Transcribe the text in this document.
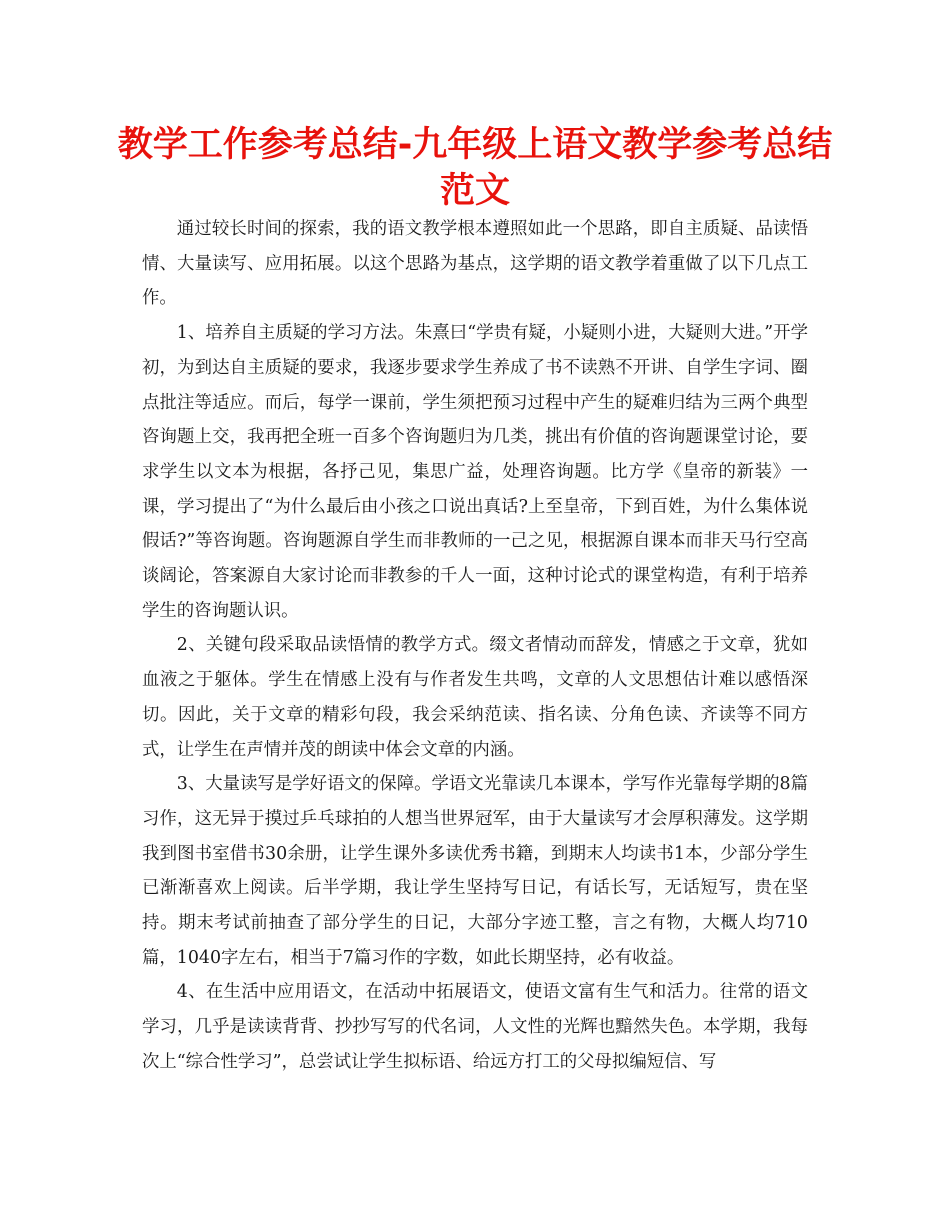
教学工作参考总结-九年级上语文教学参考总结范文

通过较长时间的探索，我的语文教学根本遵照如此一个思路，即自主质疑、品读悟情、大量读写、应用拓展。以这个思路为基点，这学期的语文教学着重做了以下几点工作。

1、培养自主质疑的学习方法。朱熹曰“学贵有疑，小疑则小进，大疑则大进。”开学初，为到达自主质疑的要求，我逐步要求学生养成了书不读熟不开讲、自学生字词、圈点批注等适应。而后，每学一课前，学生须把预习过程中产生的疑难归结为三两个典型咨询题上交，我再把全班一百多个咨询题归为几类，挑出有价值的咨询题课堂讨论，要求学生以文本为根据，各抒己见，集思广益，处理咨询题。比方学《皇帝的新装》一课，学习提出了“为什么最后由小孩之口说出真话?上至皇帝，下到百姓，为什么集体说假话?”等咨询题。咨询题源自学生而非教师的一己之见，根据源自课本而非天马行空高谈阔论，答案源自大家讨论而非教参的千人一面，这种讨论式的课堂构造，有利于培养学生的咨询题认识。

2、关键句段采取品读悟情的教学方式。缀文者情动而辞发，情感之于文章，犹如血液之于躯体。学生在情感上没有与作者发生共鸣，文章的人文思想估计难以感悟深切。因此，关于文章的精彩句段，我会采纳范读、指名读、分角色读、齐读等不同方式，让学生在声情并茂的朗读中体会文章的内涵。

3、大量读写是学好语文的保障。学语文光靠读几本课本，学写作光靠每学期的8篇习作，这无异于摸过乒乓球拍的人想当世界冠军，由于大量读写才会厚积薄发。这学期我到图书室借书30余册，让学生课外多读优秀书籍，到期末人均读书1本，少部分学生已渐渐喜欢上阅读。后半学期，我让学生坚持写日记，有话长写，无话短写，贵在坚持。期末考试前抽查了部分学生的日记，大部分字迹工整，言之有物，大概人均710篇，1040字左右，相当于7篇习作的字数，如此长期坚持，必有收益。

4、在生活中应用语文，在活动中拓展语文，使语文富有生气和活力。往常的语文学习，几乎是读读背背、抄抄写写的代名词，人文性的光辉也黯然失色。本学期，我每次上“综合性学习”，总尝试让学生拟标语、给远方打工的父母拟编短信、写
